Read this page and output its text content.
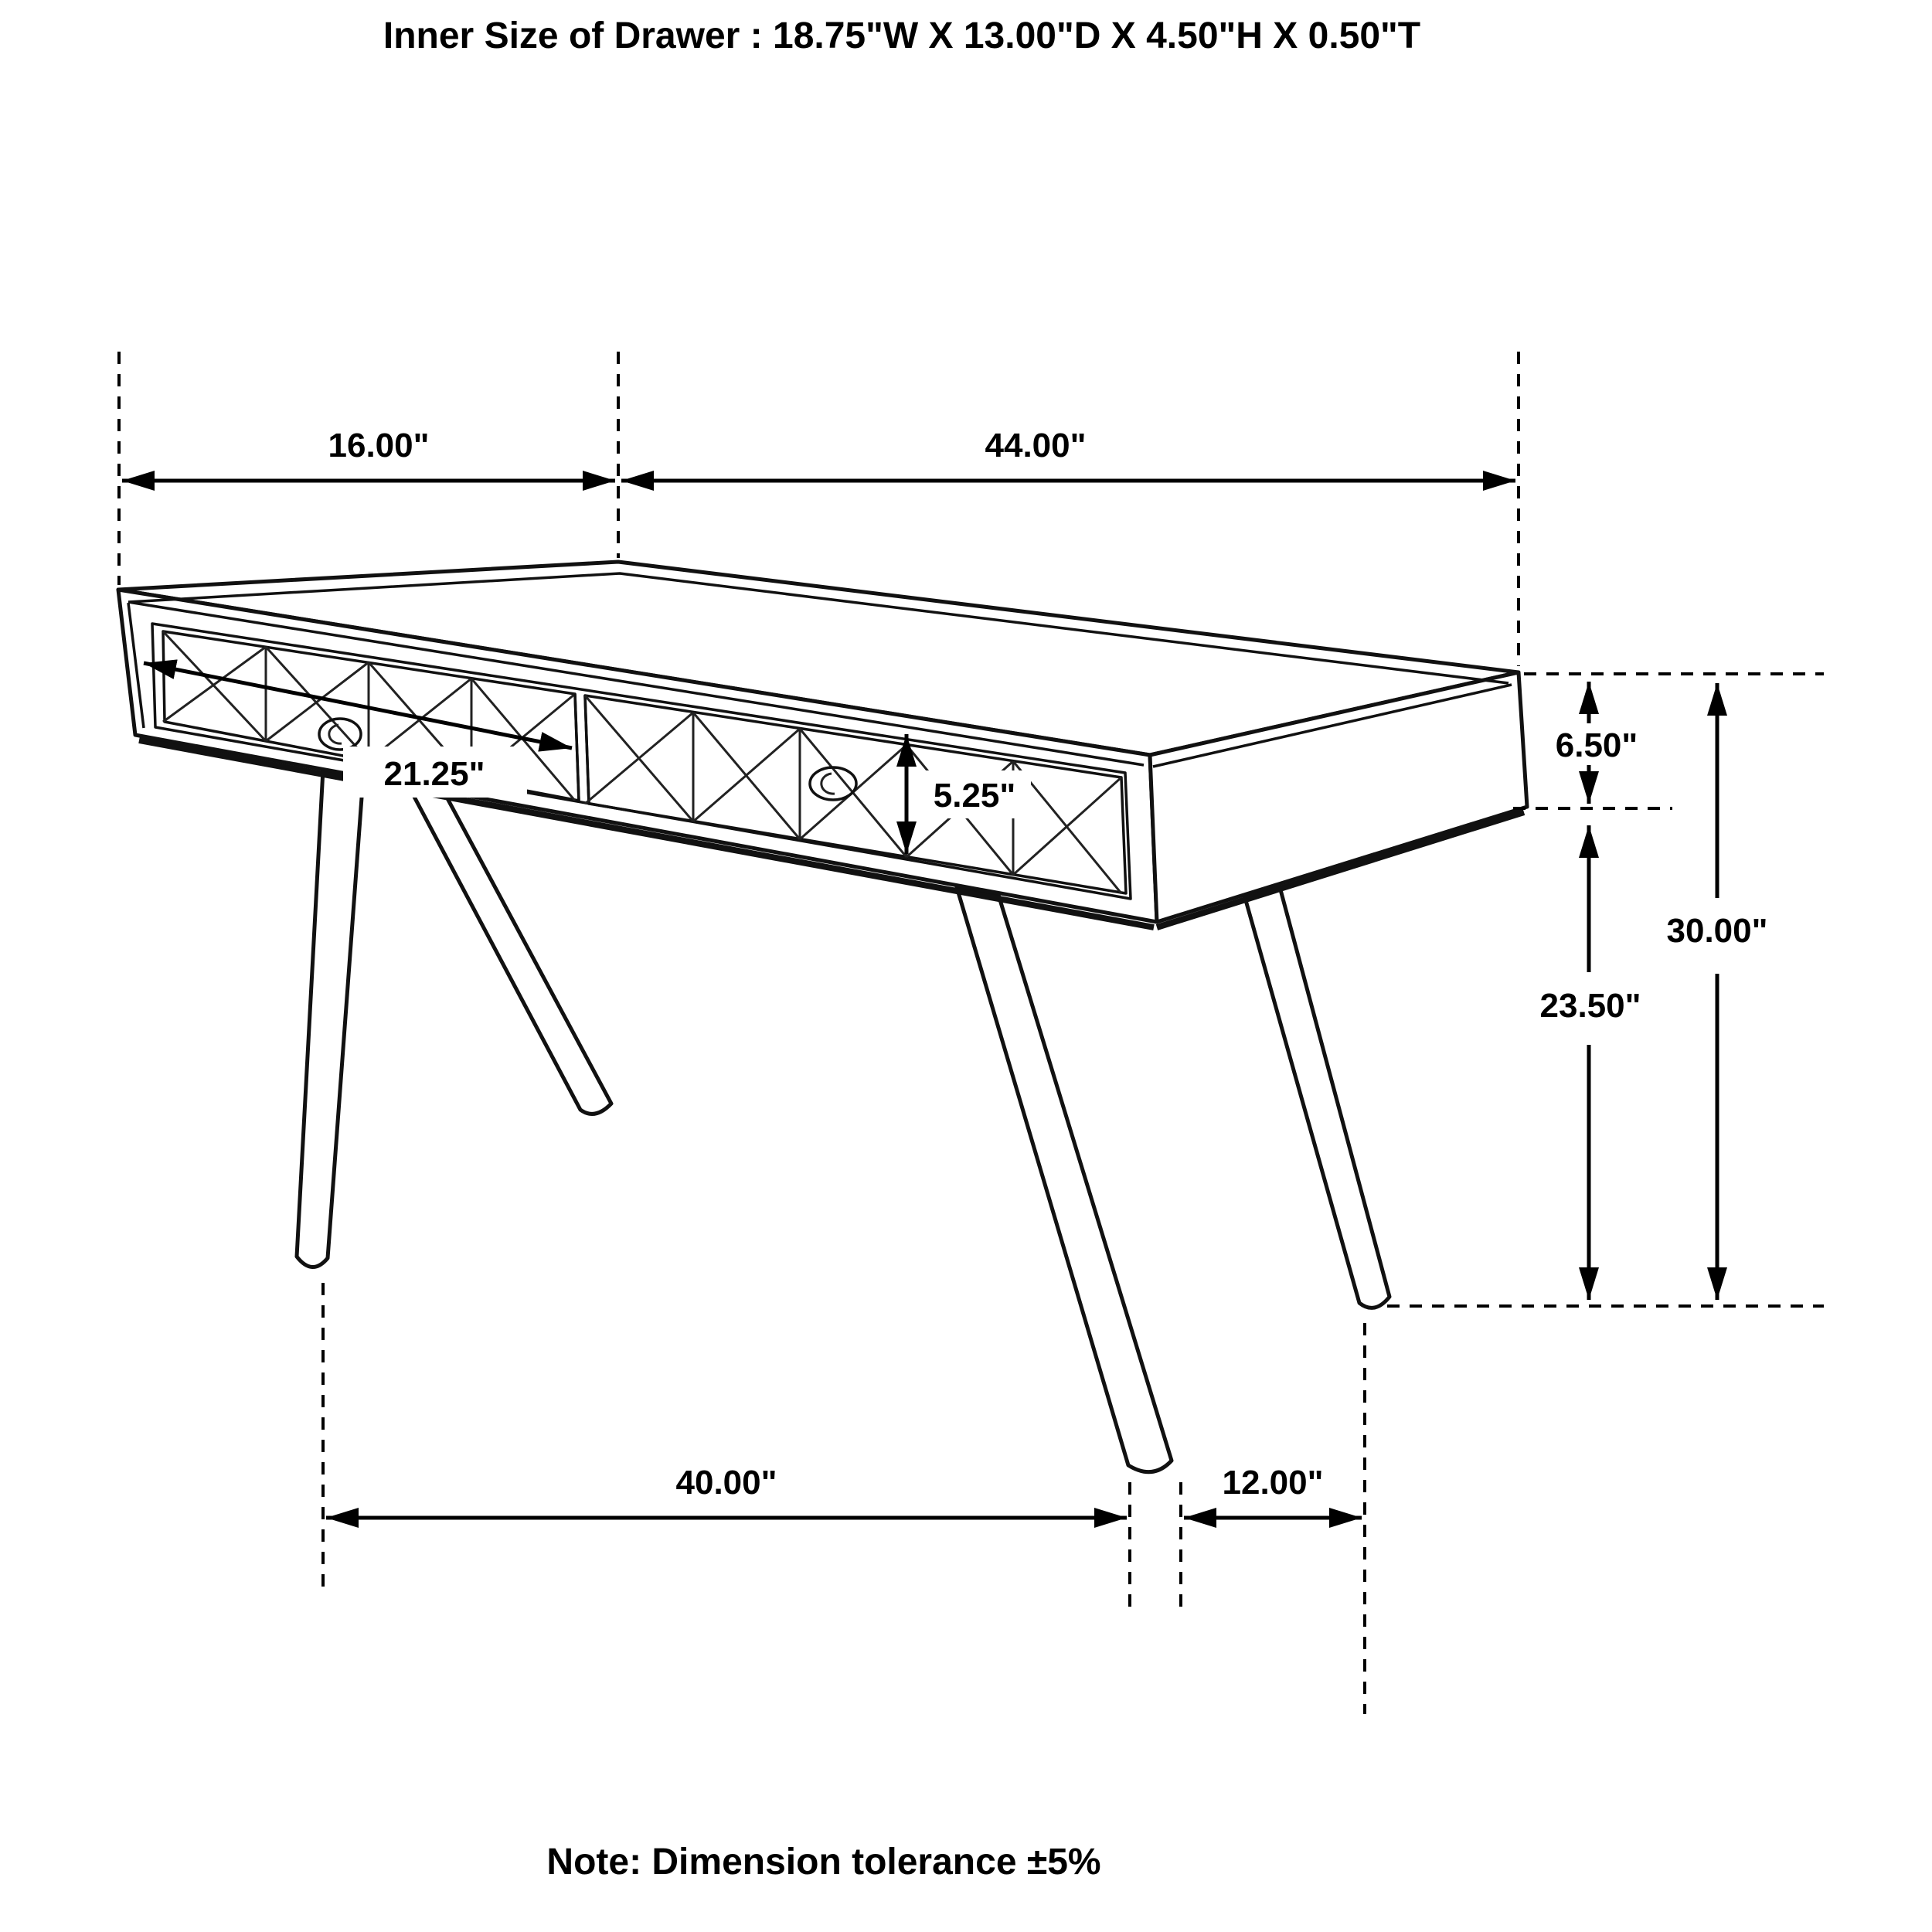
Inner Size of Drawer : 18.75"W X 13.00"D X 4.50"H X 0.50"T
16.00"	44.00"
21.25"
5.25"
6.50"
23.50"
30.00"
40.00"	12.00"
Note: Dimension tolerance ±5%
